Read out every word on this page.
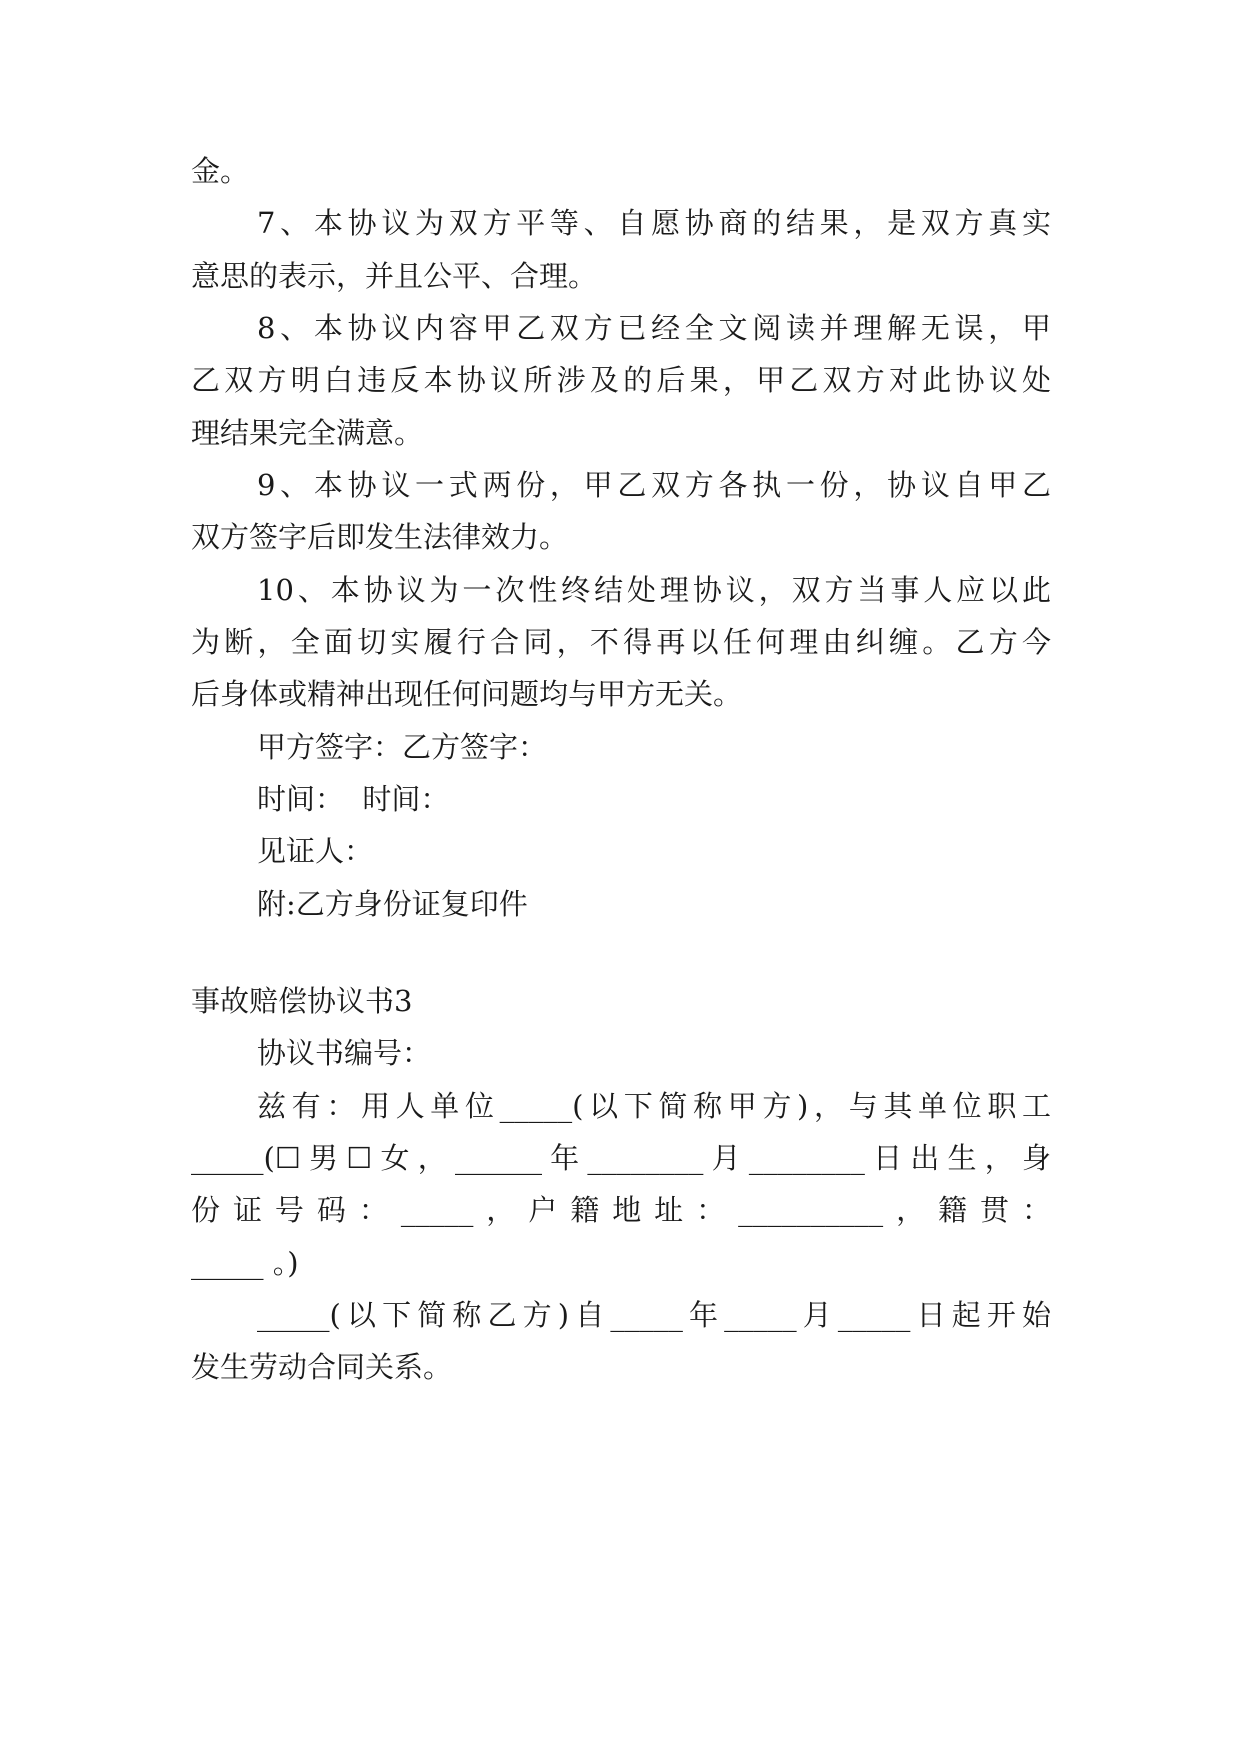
金。

7、本协议为双方平等、自愿协商的结果，是双方真实

意思的表示，并且公平、合理。

8、本协议内容甲乙双方已经全文阅读并理解无误，甲

乙双方明白违反本协议所涉及的后果，甲乙双方对此协议处

理结果完全满意。

9、本协议一式两份，甲乙双方各执一份，协议自甲乙

双方签字后即发生法律效力。

10、本协议为一次性终结处理协议，双方当事人应以此

为断，全面切实履行合同，不得再以任何理由纠缠。乙方今

后身体或精神出现任何问题均与甲方无关。

甲方签字：乙方签字：

时间：  时间：

见证人：

附:乙方身份证复印件

事故赔偿协议书3

协议书编号：

兹有：用人单位_____(以下简称甲方)，与其单位职工

_____(☐男☐女，______年________月________日出生，身

份证号码：_____，户籍地址：__________，籍贯：

_____ 。)

_____(以下简称乙方)自_____年_____月_____日起开始

发生劳动合同关系。
